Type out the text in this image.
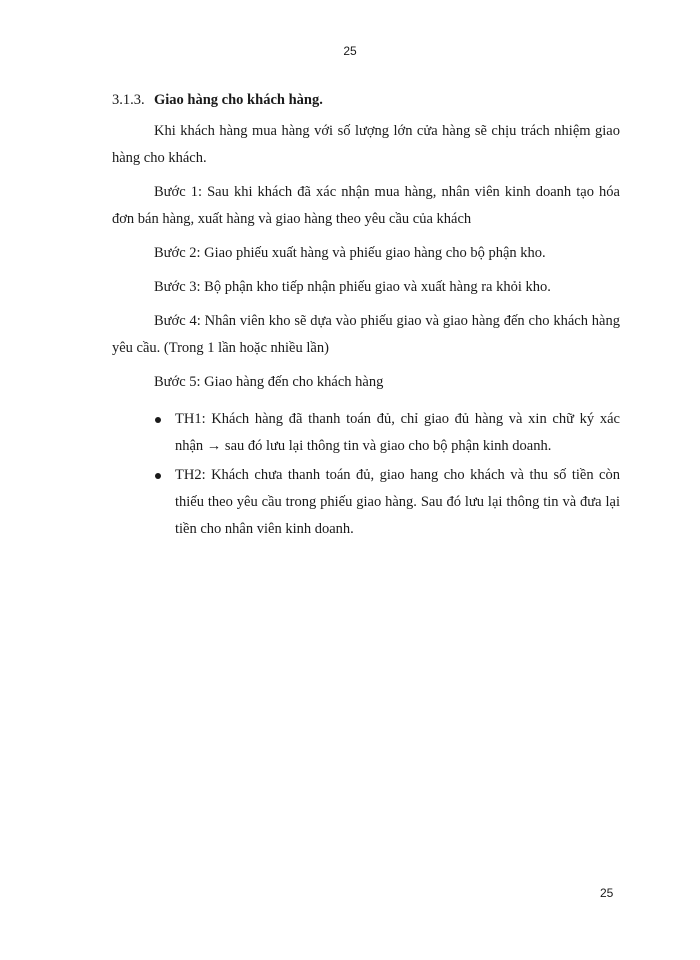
25
3.1.3. Giao hàng cho khách hàng.

Khi khách hàng mua hàng với số lượng lớn cửa hàng sẽ chịu trách nhiệm giao hàng cho khách.

Bước 1: Sau khi khách đã xác nhận mua hàng, nhân viên kinh doanh tạo hóa đơn bán hàng, xuất hàng và giao hàng theo yêu cầu của khách

Bước 2: Giao phiếu xuất hàng và phiếu giao hàng cho bộ phận kho.

Bước 3: Bộ phận kho tiếp nhận phiếu giao và xuất hàng ra khỏi kho.

Bước 4: Nhân viên kho sẽ dựa vào phiếu giao và giao hàng đến cho khách hàng yêu cầu. (Trong 1 lần hoặc nhiều lần)

Bước 5: Giao hàng đến cho khách hàng

TH1: Khách hàng đã thanh toán đủ, chỉ giao đủ hàng và xin chữ ký xác nhận → sau đó lưu lại thông tin và giao cho bộ phận kinh doanh.
TH2: Khách chưa thanh toán đủ, giao hang cho khách và thu số tiền còn thiếu theo yêu cầu trong phiếu giao hàng. Sau đó lưu lại thông tin và đưa lại tiền cho nhân viên kinh doanh.
25
